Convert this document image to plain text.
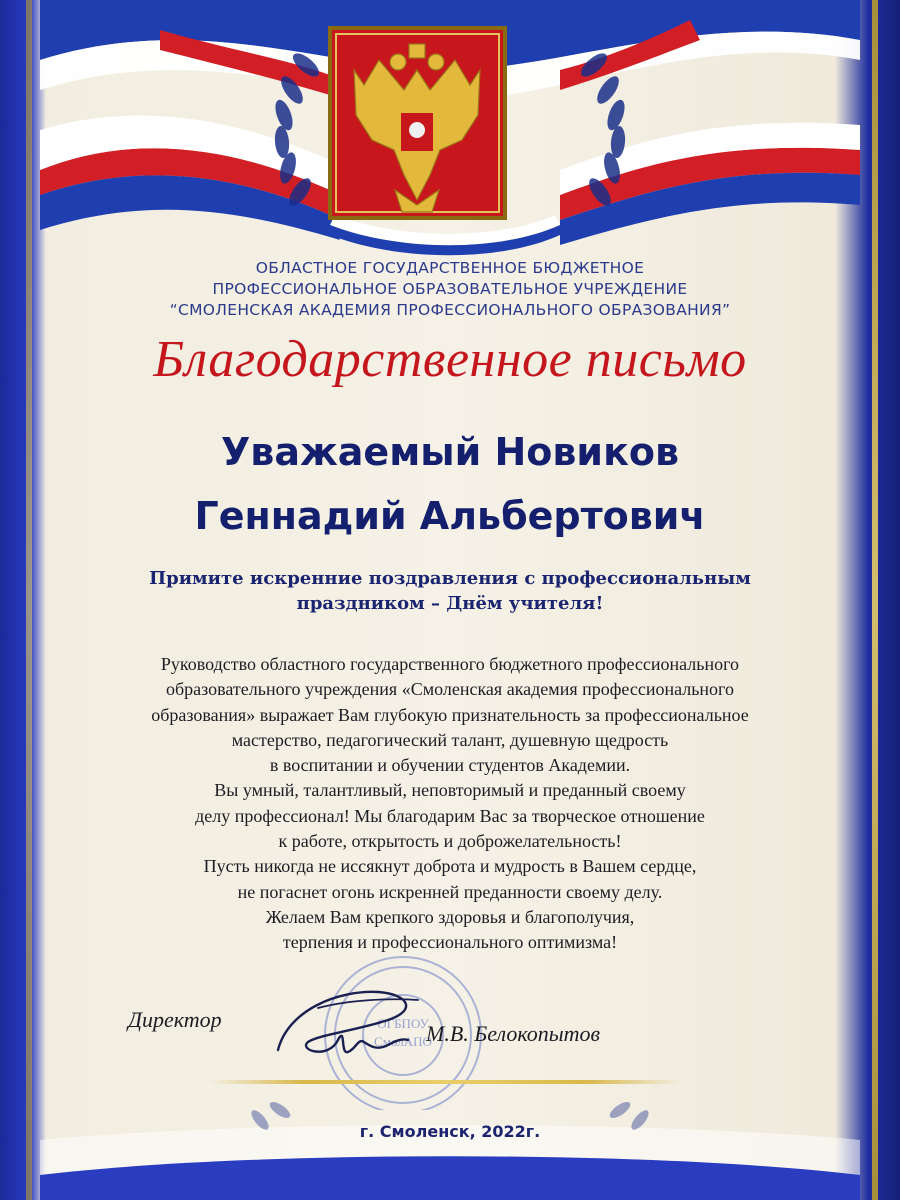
ОБЛАСТНОЕ ГОСУДАРСТВЕННОЕ БЮДЖЕТНОЕ
ПРОФЕССИОНАЛЬНОЕ ОБРАЗОВАТЕЛЬНОЕ УЧРЕЖДЕНИЕ
“СМОЛЕНСКАЯ АКАДЕМИЯ ПРОФЕССИОНАЛЬНОГО ОБРАЗОВАНИЯ”
Благодарственное письмо
Уважаемый Новиков
Геннадий Альбертович
Примите искренние поздравления с профессиональным
праздником – Днём учителя!
Руководство областного государственного бюджетного профессионального
образовательного учреждения «Смоленская академия профессионального
образования» выражает Вам глубокую признательность за профессиональное
мастерство, педагогический талант, душевную щедрость
в воспитании и обучении студентов Академии.
Вы умный, талантливый, неповторимый и преданный своему
делу профессионал! Мы благодарим Вас за творческое отношение
к работе, открытость и доброжелательность!
Пусть никогда не иссякнут доброта и мудрость в Вашем сердце,
не погаснет огонь искренней преданности своему делу.
Желаем Вам крепкого здоровья и благополучия,
терпения и профессионального оптимизма!
ОГБПОУ
СмолАПО
Директор
М.В. Белокопытов
г. Смоленск, 2022г.
